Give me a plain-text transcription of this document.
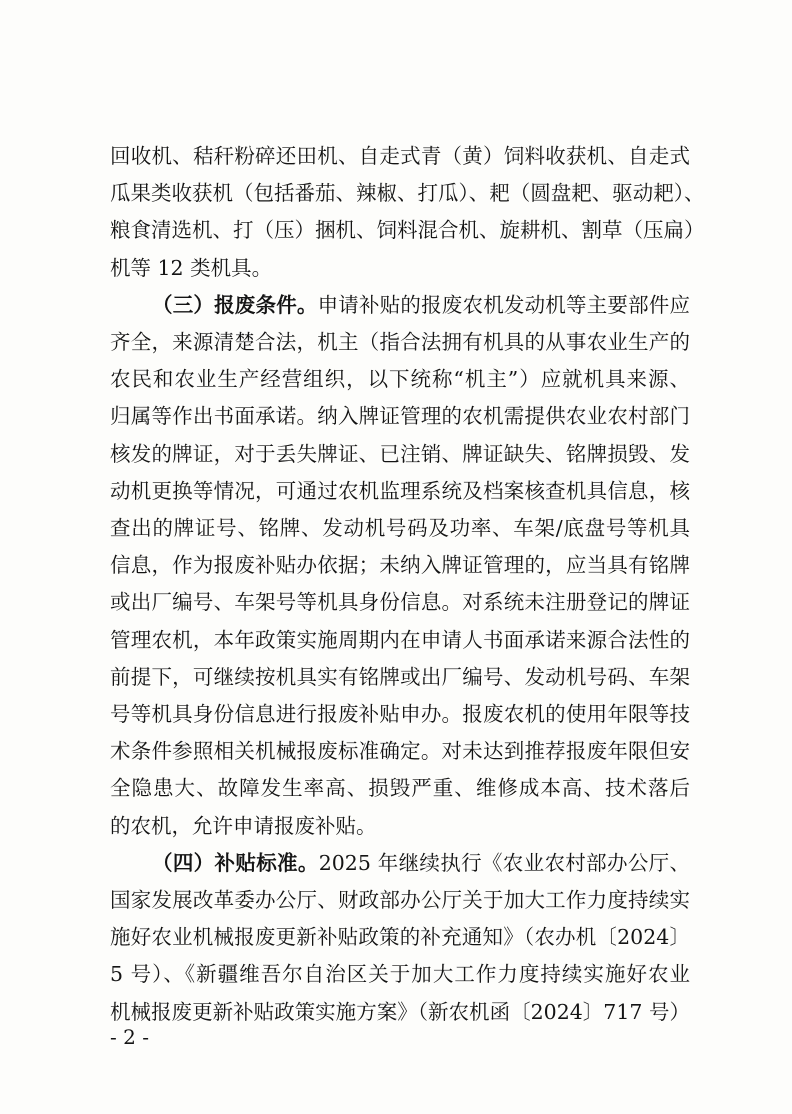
回收机、秸秆粉碎还田机、自走式青（黄）饲料收获机、自走式
瓜果类收获机（包括番茄、辣椒、打瓜）、耙（圆盘耙、驱动耙）、
粮食清选机、打（压）捆机、饲料混合机、旋耕机、割草（压扁）
机等 12 类机具。
（三）报废条件。申请补贴的报废农机发动机等主要部件应
齐全，来源清楚合法，机主（指合法拥有机具的从事农业生产的
农民和农业生产经营组织，以下统称“机主”）应就机具来源、
归属等作出书面承诺。纳入牌证管理的农机需提供农业农村部门
核发的牌证，对于丢失牌证、已注销、牌证缺失、铭牌损毁、发
动机更换等情况，可通过农机监理系统及档案核查机具信息，核
查出的牌证号、铭牌、发动机号码及功率、车架/底盘号等机具
信息，作为报废补贴办依据；未纳入牌证管理的，应当具有铭牌
或出厂编号、车架号等机具身份信息。对系统未注册登记的牌证
管理农机，本年政策实施周期内在申请人书面承诺来源合法性的
前提下，可继续按机具实有铭牌或出厂编号、发动机号码、车架
号等机具身份信息进行报废补贴申办。报废农机的使用年限等技
术条件参照相关机械报废标准确定。对未达到推荐报废年限但安
全隐患大、故障发生率高、损毁严重、维修成本高、技术落后
的农机，允许申请报废补贴。
（四）补贴标准。2025 年继续执行《农业农村部办公厅、
国家发展改革委办公厅、财政部办公厅关于加大工作力度持续实
- 2 -
施好农业机械报废更新补贴政策的补充通知》（农办机〔2024〕
5 号）、《新疆维吾尔自治区关于加大工作力度持续实施好农业
机械报废更新补贴政策实施方案》（新农机函〔2024〕717 号）
